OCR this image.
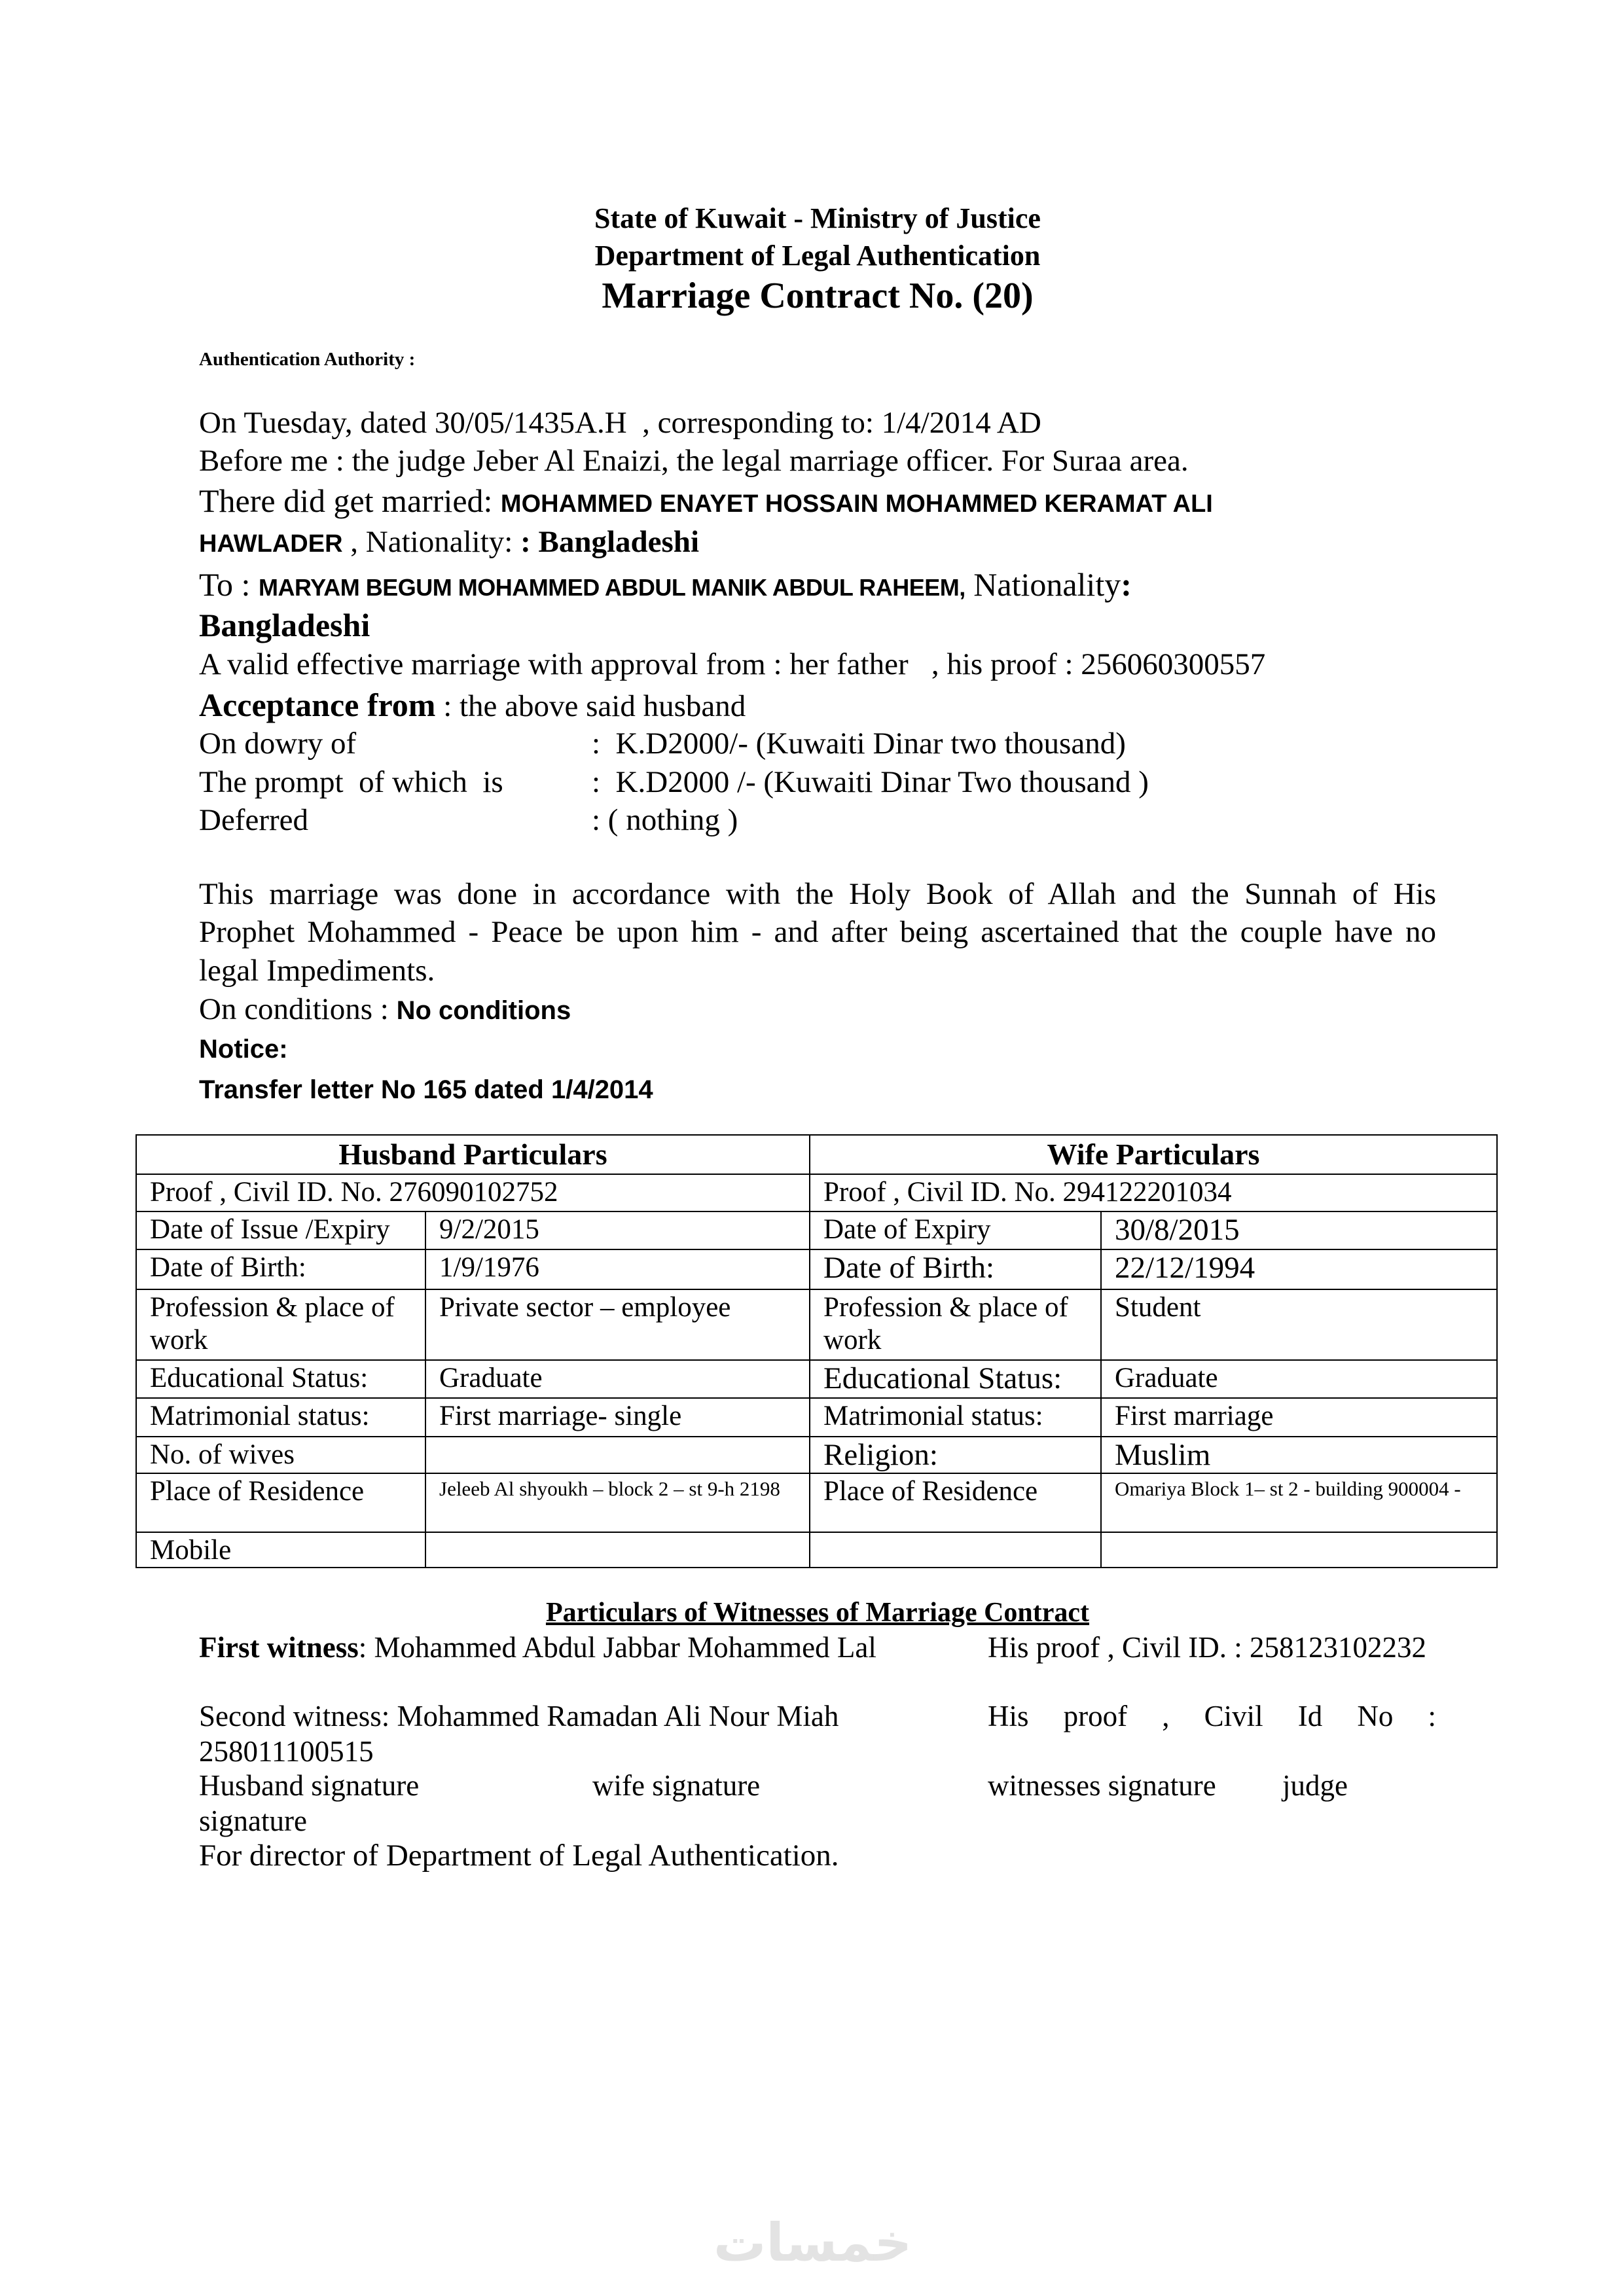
State of Kuwait - Ministry of Justice
Department of Legal Authentication
Marriage Contract No. (20)
Authentication Authority :
On Tuesday, dated 30/05/1435A.H  , corresponding to: 1/4/2014 AD
Before me : the judge Jeber Al Enaizi, the legal marriage officer. For Suraa area.
There did get married: MOHAMMED ENAYET HOSSAIN MOHAMMED KERAMAT ALI
HAWLADER , Nationality: : Bangladeshi
To : MARYAM BEGUM MOHAMMED ABDUL MANIK ABDUL RAHEEM, Nationality:
Bangladeshi
A valid effective marriage with approval from : her father   , his proof : 256060300557
Acceptance from : the above said husband
On dowry of	:  K.D2000/- (Kuwaiti Dinar two thousand)
The prompt  of which  is	:  K.D2000 /- (Kuwaiti Dinar Two thousand )
Deferred	: ( nothing )
This marriage was done in accordance with the Holy Book of Allah and the Sunnah of His
Prophet Mohammed - Peace be upon him - and after being ascertained that the couple have no
legal Impediments.
On conditions : No conditions
Notice:
Transfer letter No 165 dated 1/4/2014
Husband Particulars		Wife Particulars	
Proof , Civil ID. No. 276090102752		Proof , Civil ID. No. 294122201034	
Date of Issue /Expiry	9/2/2015	Date of Expiry	30/8/2015
Date of Birth:	1/9/1976	Date of Birth:	22/12/1994
Profession & place of work	Private sector – employee	Profession & place of work	Student
Educational Status:	Graduate	Educational Status:	Graduate
Matrimonial status:	First marriage- single	Matrimonial status:	First marriage
No. of wives		Religion:	Muslim
Place of Residence	Jeleeb Al shyoukh – block 2 – st 9-h 2198	Place of Residence	Omariya Block 1– st 2 - building 900004 -
Mobile			
Particulars of Witnesses of Marriage Contract
First witness: Mohammed Abdul Jabbar Mohammed Lal	His proof , Civil ID. : 258123102232
Second witness: Mohammed Ramadan Ali Nour Miah	His proof , Civil Id No :
258011100515
Husband signature	wife signature	witnesses signature judge
signature
For director of Department of Legal Authentication.
خمسات
